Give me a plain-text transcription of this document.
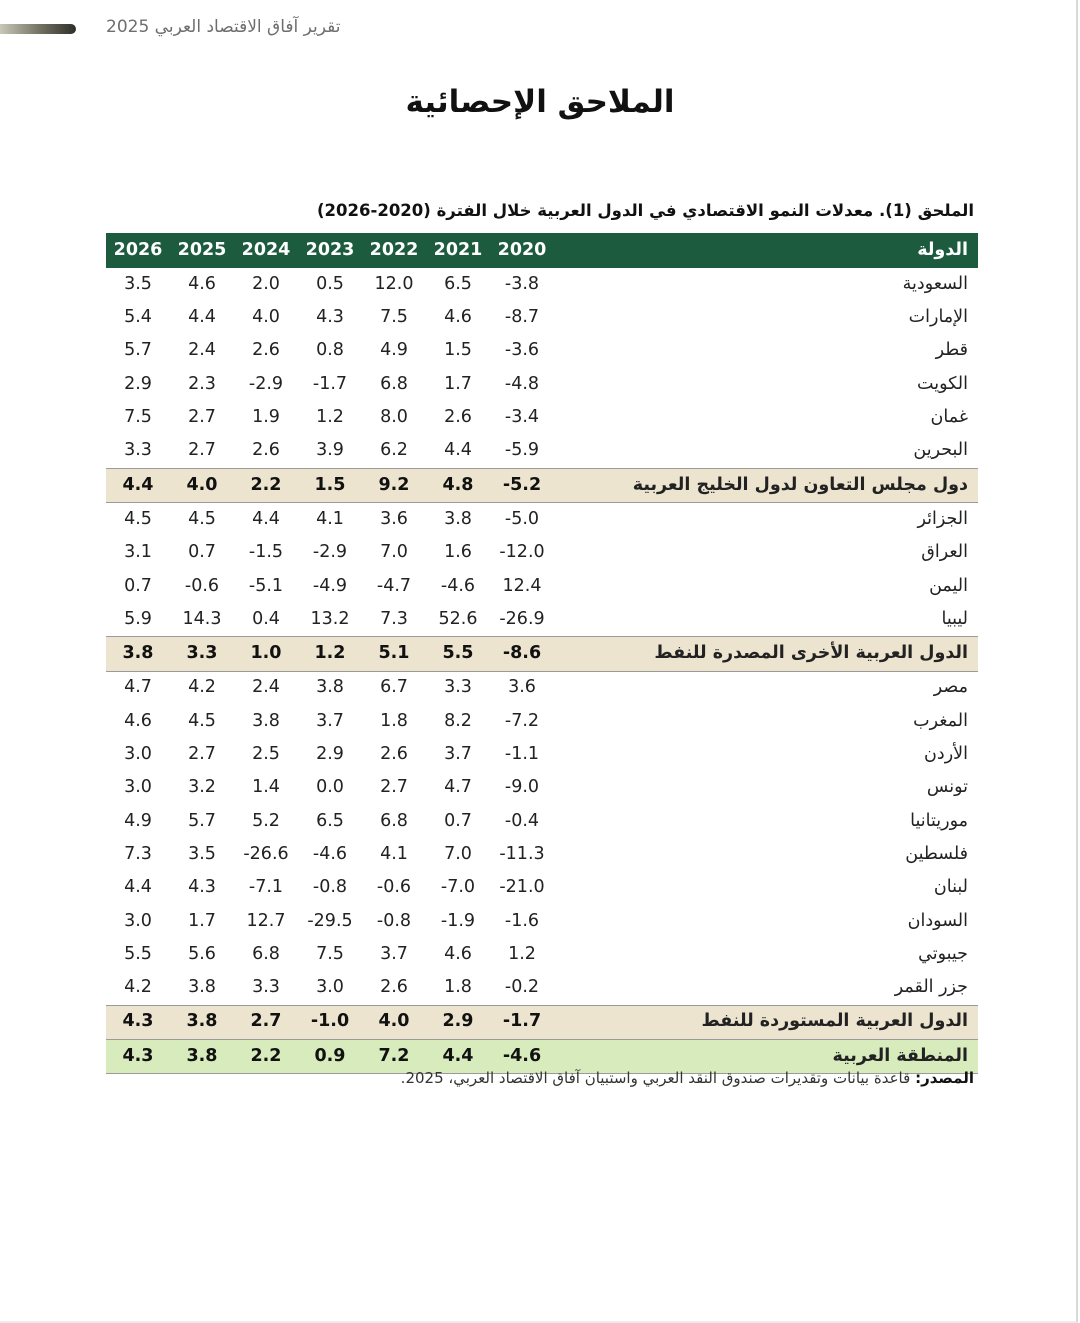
تقرير آفاق الاقتصاد العربي 2025
الملاحق الإحصائية
الملحق (1). معدلات النمو الاقتصادي في الدول العربية خلال الفترة (2020-2026)
الدولة	2020	2021	2022	2023	2024	2025	2026
السعودية	-3.8	6.5	12.0	0.5	2.0	4.6	3.5
الإمارات	-8.7	4.6	7.5	4.3	4.0	4.4	5.4
قطر	-3.6	1.5	4.9	0.8	2.6	2.4	5.7
الكويت	-4.8	1.7	6.8	-1.7	-2.9	2.3	2.9
غمان	-3.4	2.6	8.0	1.2	1.9	2.7	7.5
البحرين	-5.9	4.4	6.2	3.9	2.6	2.7	3.3
دول مجلس التعاون لدول الخليج العربية	-5.2	4.8	9.2	1.5	2.2	4.0	4.4
الجزائر	-5.0	3.8	3.6	4.1	4.4	4.5	4.5
العراق	-12.0	1.6	7.0	-2.9	-1.5	0.7	3.1
اليمن	12.4	-4.6	-4.7	-4.9	-5.1	-0.6	0.7
ليبيا	-26.9	52.6	7.3	13.2	0.4	14.3	5.9
الدول العربية الأخرى المصدرة للنفط	-8.6	5.5	5.1	1.2	1.0	3.3	3.8
مصر	3.6	3.3	6.7	3.8	2.4	4.2	4.7
المغرب	-7.2	8.2	1.8	3.7	3.8	4.5	4.6
الأردن	-1.1	3.7	2.6	2.9	2.5	2.7	3.0
تونس	-9.0	4.7	2.7	0.0	1.4	3.2	3.0
موريتانيا	-0.4	0.7	6.8	6.5	5.2	5.7	4.9
فلسطين	-11.3	7.0	4.1	-4.6	-26.6	3.5	7.3
لبنان	-21.0	-7.0	-0.6	-0.8	-7.1	4.3	4.4
السودان	-1.6	-1.9	-0.8	-29.5	12.7	1.7	3.0
جيبوتي	1.2	4.6	3.7	7.5	6.8	5.6	5.5
جزر القمر	-0.2	1.8	2.6	3.0	3.3	3.8	4.2
الدول العربية المستوردة للنفط	-1.7	2.9	4.0	-1.0	2.7	3.8	4.3
المنطقة العربية	-4.6	4.4	7.2	0.9	2.2	3.8	4.3
المصدر: قاعدة بيانات وتقديرات صندوق النقد العربي واستبيان آفاق الاقتصاد العربي، 2025.
